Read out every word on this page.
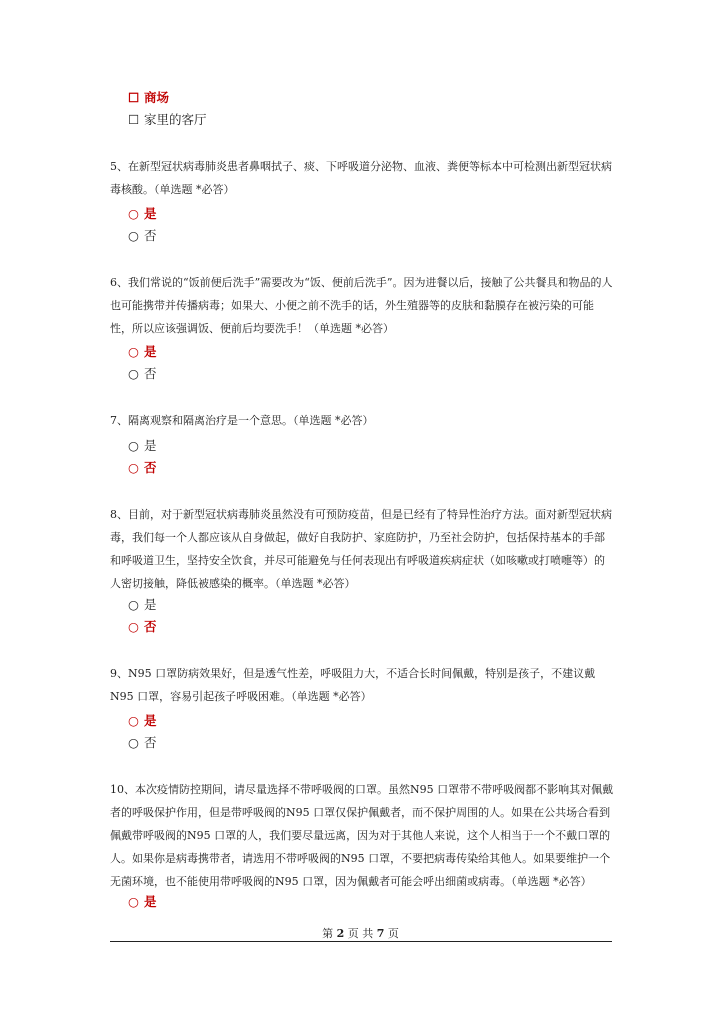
☐ 商场
☐ 家里的客厅
5、在新型冠状病毒肺炎患者鼻咽拭子、痰、下呼吸道分泌物、血液、粪便等标本中可检测出新型冠状病毒核酸。（单选题 *必答）
○ 是
○ 否
6、我们常说的“饭前便后洗手”需要改为“饭、便前后洗手”。因为进餐以后，接触了公共餐具和物品的人也可能携带并传播病毒；如果大、小便之前不洗手的话，外生殖器等的皮肤和黏膜存在被污染的可能性，所以应该强调饭、便前后均要洗手！（单选题 *必答）
○ 是
○ 否
7、隔离观察和隔离治疗是一个意思。（单选题 *必答）
○ 是
○ 否
8、目前，对于新型冠状病毒肺炎虽然没有可预防疫苗，但是已经有了特异性治疗方法。面对新型冠状病毒，我们每一个人都应该从自身做起，做好自我防护、家庭防护，乃至社会防护，包括保持基本的手部和呼吸道卫生，坚持安全饮食，并尽可能避免与任何表现出有呼吸道疾病症状（如咳嗽或打喷嚏等）的人密切接触，降低被感染的概率。（单选题 *必答）
○ 是
○ 否
9、N95 口罩防病效果好，但是透气性差，呼吸阻力大，不适合长时间佩戴，特别是孩子，不建议戴N95 口罩，容易引起孩子呼吸困难。（单选题 *必答）
○ 是
○ 否
10、本次疫情防控期间，请尽量选择不带呼吸阀的口罩。虽然N95 口罩带不带呼吸阀都不影响其对佩戴者的呼吸保护作用，但是带呼吸阀的N95 口罩仅保护佩戴者，而不保护周围的人。如果在公共场合看到佩戴带呼吸阀的N95 口罩的人，我们要尽量远离，因为对于其他人来说，这个人相当于一个不戴口罩的人。如果你是病毒携带者，请选用不带呼吸阀的N95 口罩，不要把病毒传染给其他人。如果要维护一个无菌环境，也不能使用带呼吸阀的N95 口罩，因为佩戴者可能会呼出细菌或病毒。（单选题 *必答）
○ 是
第 2 页 共 7 页
